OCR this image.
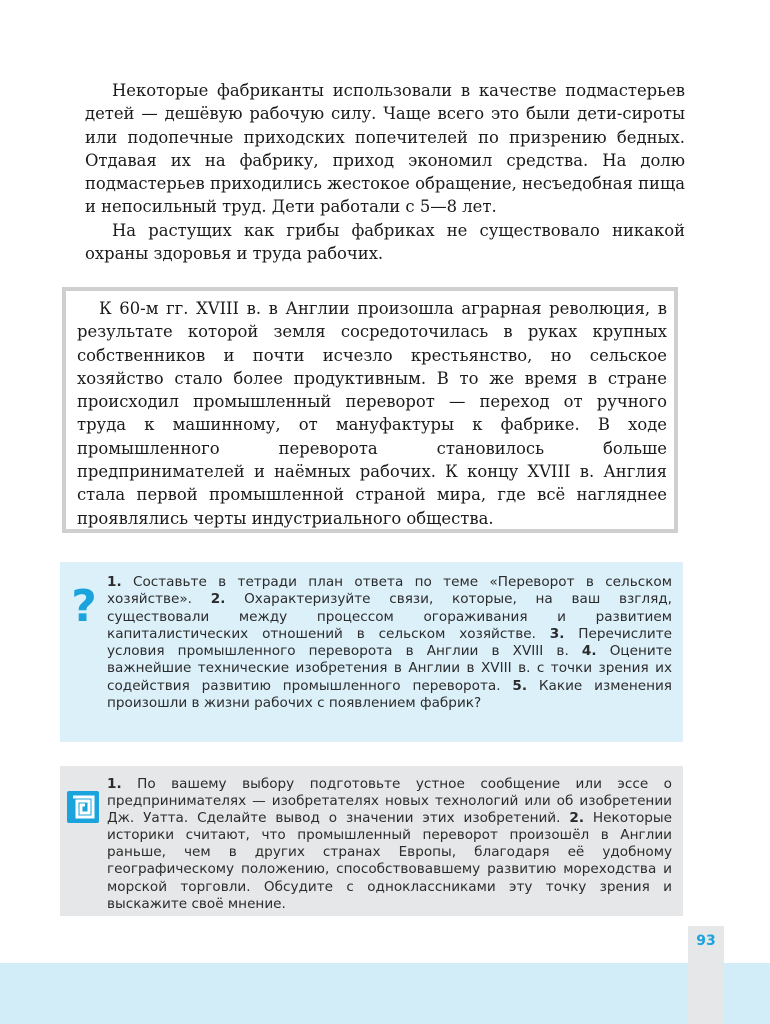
Некоторые фабриканты использовали в качестве подмастерьев детей — дешёвую рабочую силу. Чаще всего это были дети-сироты или подопечные приходских попечителей по призрению бедных. Отдавая их на фабрику, приход экономил средства. На долю подмастерьев приходились жестокое обращение, несъедобная пища и непосильный труд. Дети работали с 5—8 лет.

На растущих как грибы фабриках не существовало никакой охраны здоровья и труда рабочих.

К 60-м гг. XVIII в. в Англии произошла аграрная революция, в результате которой земля сосредоточилась в руках крупных собственников и почти исчезло крестьянство, но сельское хозяйство стало более продуктивным. В то же время в стране происходил промышленный переворот — переход от ручного труда к машинному, от мануфактуры к фабрике. В ходе промышленного переворота становилось больше предпринимателей и наёмных рабочих. К концу XVIII в. Англия стала первой промышленной страной мира, где всё нагляднее проявлялись черты индустриального общества.
? 1. Составьте в тетради план ответа по теме «Переворот в сельском хозяйстве». 2. Охарактеризуйте связи, которые, на ваш взгляд, существовали между процессом огораживания и развитием капиталистических отношений в сельском хозяйстве. 3. Перечислите условия промышленного переворота в Англии в XVIII в. 4. Оцените важнейшие технические изобретения в Англии в XVIII в. с точки зрения их содействия развитию промышленного переворота. 5. Какие изменения произошли в жизни рабочих с появлением фабрик?
1. По вашему выбору подготовьте устное сообщение или эссе о предпринимателях — изобретателях новых технологий или об изобретении Дж. Уатта. Сделайте вывод о значении этих изобретений. 2. Некоторые историки считают, что промышленный переворот произошёл в Англии раньше, чем в других странах Европы, благодаря её удобному географическому положению, способствовавшему развитию мореходства и морской торговли. Обсудите с одноклассниками эту точку зрения и выскажите своё мнение.
93
